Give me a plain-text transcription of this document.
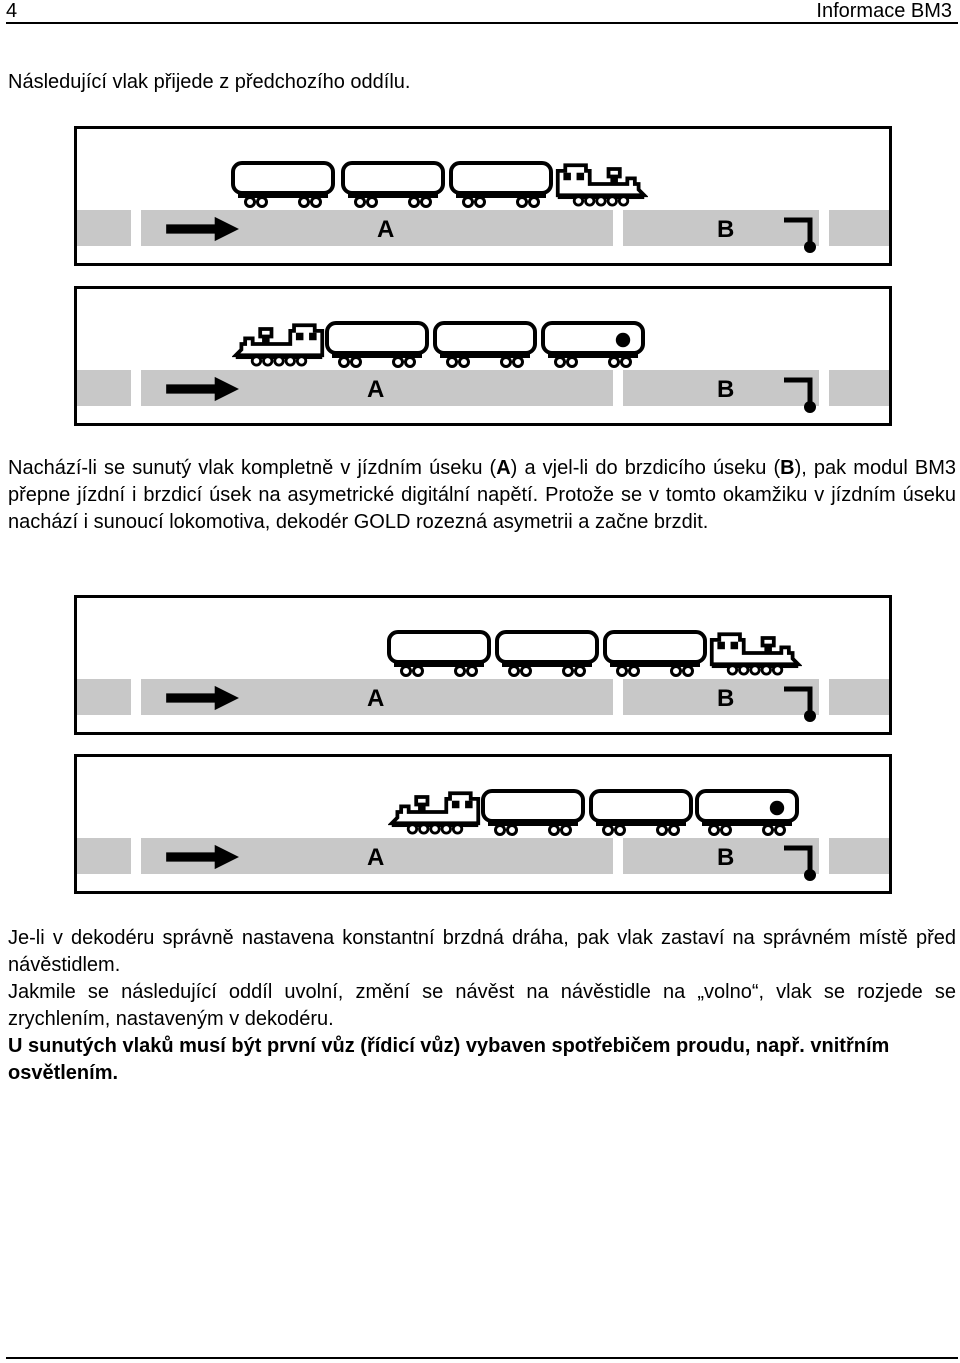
4	Informace BM3

Následující vlak přijede z předchozího oddílu.

A	B
A	B
Nachází-li se sunutý vlak kompletně v jízdním úseku (A) a vjel-li do brzdicího úseku (B), pak modul BM3 přepne jízdní i brzdicí úsek na asymetrické digitální napětí. Protože se v tomto okamžiku v jízdním úseku nachází i sunoucí lokomotiva, dekodér GOLD rozezná asymetrii a začne brzdit.
A	B
A	B

Je-li v dekodéru správně nastavena konstantní brzdná dráha, pak vlak zastaví na správném místě před návěstidlem.

Jakmile se následující oddíl uvolní, změní se návěst na návěstidle na „volno“, vlak se rozjede se zrychlením, nastaveným v dekodéru.

U sunutých vlaků musí být první vůz (řídicí vůz) vybaven spotřebičem proudu, např. vnitřním osvětlením.
